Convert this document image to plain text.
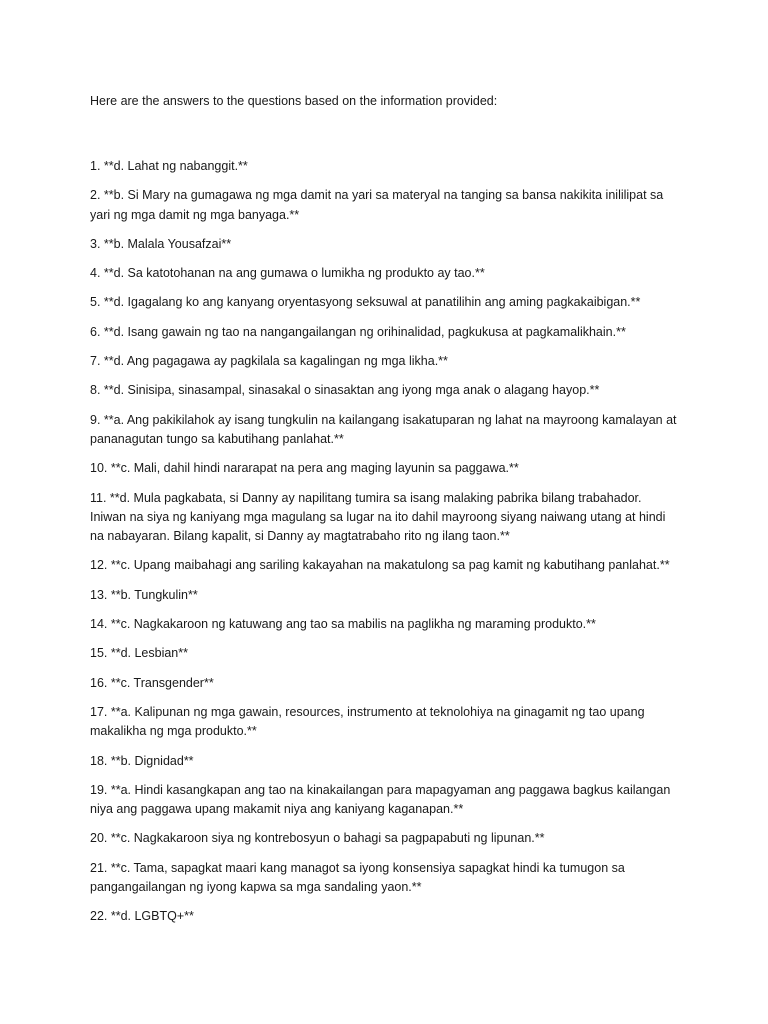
Here are the answers to the questions based on the information provided:

1. **d. Lahat ng nabanggit.**
2. **b. Si Mary na gumagawa ng mga damit na yari sa materyal na tanging sa bansa nakikita inililipat sa yari ng mga damit ng mga banyaga.**
3. **b. Malala Yousafzai**
4. **d. Sa katotohanan na ang gumawa o lumikha ng produkto ay tao.**
5. **d. Igagalang ko ang kanyang oryentasyong seksuwal at panatilihin ang aming pagkakaibigan.**
6. **d. Isang gawain ng tao na nangangailangan ng orihinalidad, pagkukusa at pagkamalikhain.**
7. **d. Ang pagagawa ay pagkilala sa kagalingan ng mga likha.**
8. **d. Sinisipa, sinasampal, sinasakal o sinasaktan ang iyong mga anak o alagang hayop.**
9. **a. Ang pakikilahok ay isang tungkulin na kailangang isakatuparan ng lahat na mayroong kamalayan at pananagutan tungo sa kabutihang panlahat.**
10. **c. Mali, dahil hindi nararapat na pera ang maging layunin sa paggawa.**
11. **d. Mula pagkabata, si Danny ay napilitang tumira sa isang malaking pabrika bilang trabahador. Iniwan na siya ng kaniyang mga magulang sa lugar na ito dahil mayroong siyang naiwang utang at hindi na nabayaran. Bilang kapalit, si Danny ay magtatrabaho rito ng ilang taon.**
12. **c. Upang maibahagi ang sariling kakayahan na makatulong sa pag kamit ng kabutihang panlahat.**
13. **b. Tungkulin**
14. **c. Nagkakaroon ng katuwang ang tao sa mabilis na paglikha ng maraming produkto.**
15. **d. Lesbian**
16. **c. Transgender**
17. **a. Kalipunan ng mga gawain, resources, instrumento at teknolohiya na ginagamit ng tao upang makalikha ng mga produkto.**
18. **b. Dignidad**
19. **a. Hindi kasangkapan ang tao na kinakailangan para mapagyaman ang paggawa bagkus kailangan niya ang paggawa upang makamit niya ang kaniyang kaganapan.**
20. **c. Nagkakaroon siya ng kontrebosyun o bahagi sa pagpapabuti ng lipunan.**
21. **c. Tama, sapagkat maari kang managot sa iyong konsensiya sapagkat hindi ka tumugon sa pangangailangan ng iyong kapwa sa mga sandaling yaon.**
22. **d. LGBTQ+**
